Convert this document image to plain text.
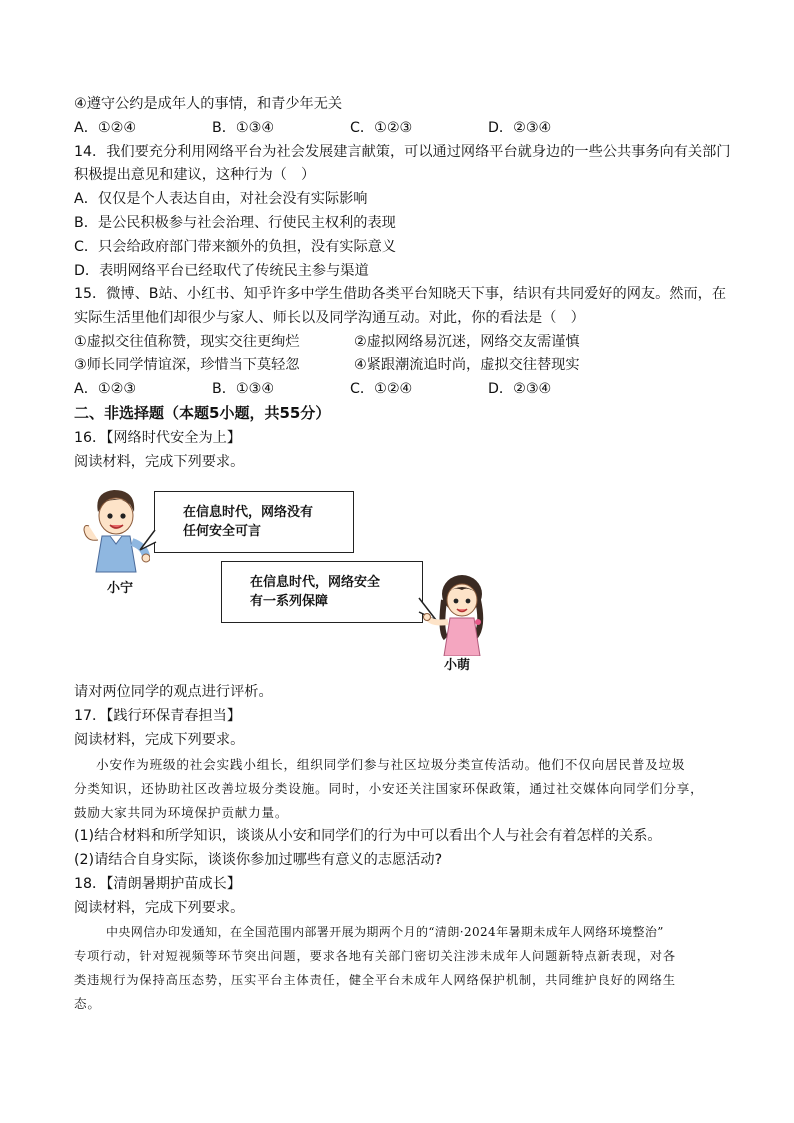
④遵守公约是成年人的事情，和青少年无关
A．①②④	B．①③④	C．①②③	D．②③④
14．我们要充分利用网络平台为社会发展建言献策，可以通过网络平台就身边的一些公共事务向有关部门
积极提出意见和建议，这种行为（　）
A．仅仅是个人表达自由，对社会没有实际影响
B．是公民积极参与社会治理、行使民主权利的表现
C．只会给政府部门带来额外的负担，没有实际意义
D．表明网络平台已经取代了传统民主参与渠道
15．微博、B站、小红书、知乎许多中学生借助各类平台知晓天下事，结识有共同爱好的网友。然而，在
实际生活里他们却很少与家人、师长以及同学沟通互动。对此，你的看法是（　）
①虚拟交往值称赞，现实交往更绚烂	②虚拟网络易沉迷，网络交友需谨慎
③师长同学情谊深，珍惜当下莫轻忽	④紧跟潮流追时尚，虚拟交往替现实
A．①②③	B．①③④	C．①②④	D．②③④
二、非选择题（本题5小题，共55分）
16．【网络时代安全为上】
阅读材料，完成下列要求。
在信息时代，网络没有
任何安全可言
小宁	在信息时代，网络安全
有一系列保障
小萌
请对两位同学的观点进行评析。
17．【践行环保青春担当】
阅读材料，完成下列要求。
小安作为班级的社会实践小组长，组织同学们参与社区垃圾分类宣传活动。他们不仅向居民普及垃圾
分类知识，还协助社区改善垃圾分类设施。同时，小安还关注国家环保政策，通过社交媒体向同学们分享，
鼓励大家共同为环境保护贡献力量。
(1)结合材料和所学知识，谈谈从小安和同学们的行为中可以看出个人与社会有着怎样的关系。
(2)请结合自身实际，谈谈你参加过哪些有意义的志愿活动?
18．【清朗暑期护苗成长】
阅读材料，完成下列要求。
中央网信办印发通知，在全国范围内部署开展为期两个月的“清朗·2024年暑期未成年人网络环境整治”
专项行动，针对短视频等环节突出问题，要求各地有关部门密切关注涉未成年人问题新特点新表现，对各
类违规行为保持高压态势，压实平台主体责任，健全平台未成年人网络保护机制，共同维护良好的网络生
态。
